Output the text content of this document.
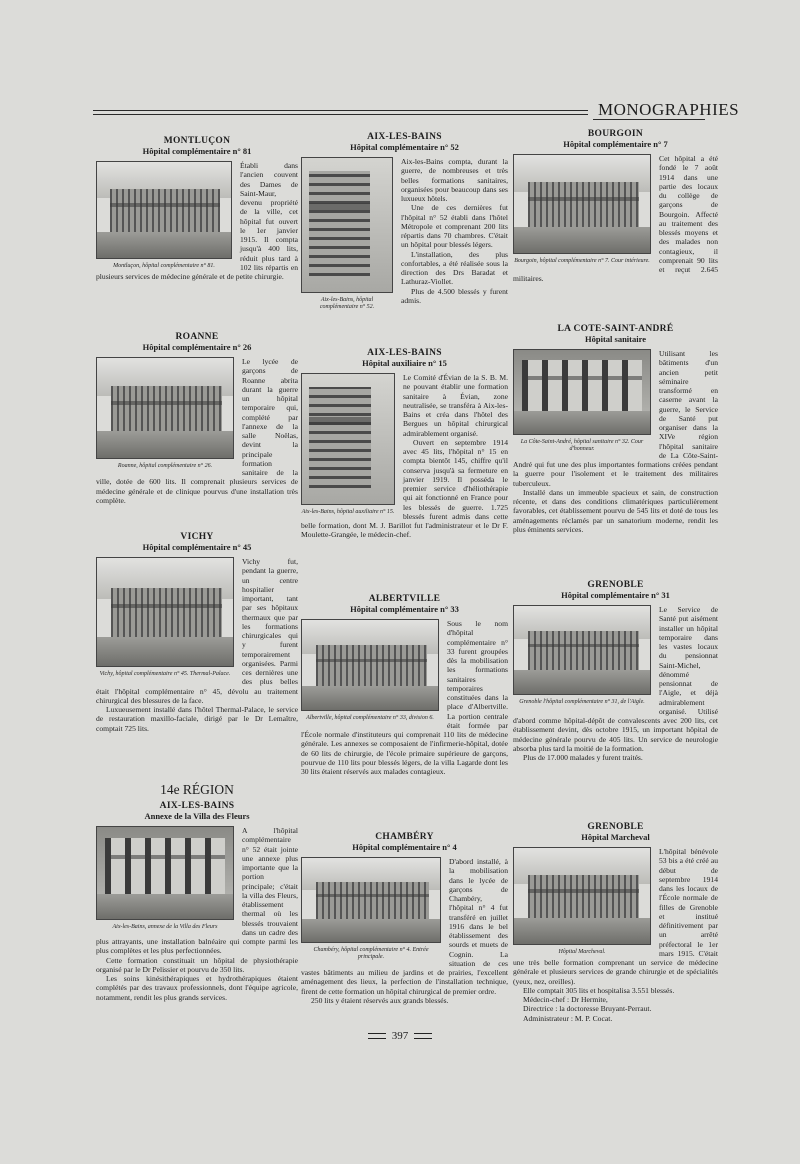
MONOGRAPHIES
MONTLUÇON
Hôpital complémentaire n° 81
Montluçon, hôpital complémentaire n° 81.

Établi dans l'ancien couvent des Dames de Saint-Maur, devenu propriété de la ville, cet hôpital fut ouvert le 1er janvier 1915. Il compta jusqu'à 400 lits, réduit plus tard à 102 lits répartis en plusieurs services de médecine générale et de petite chirurgie.

ROANNE
Hôpital complémentaire n° 26
Roanne, hôpital complémentaire n° 26.

Le lycée de garçons de Roanne abrita durant la guerre un hôpital temporaire qui, complété par l'annexe de la salle Noëlas, devint la principale formation sanitaire de la ville, dotée de 600 lits. Il comprenait plusieurs services de médecine générale et de clinique pourvus d'une installation très complète.

VICHY
Hôpital complémentaire n° 45
Vichy, hôpital complémentaire n° 45. Thermal-Palace.

Vichy fut, pendant la guerre, un centre hospitalier important, tant par ses hôpitaux thermaux que par les formations chirurgicales qui y furent temporairement organisées. Parmi ces dernières une des plus belles était l'hôpital complémentaire n° 45, dévolu au traitement chirurgical des blessures de la face.

Luxueusement installé dans l'hôtel Thermal-Palace, le service de restauration maxillo-faciale, dirigé par le Dr Lemaître, comptait 725 lits.

14e RÉGION
AIX-LES-BAINS
Annexe de la Villa des Fleurs
Aix-les-Bains, annexe de la Villa des Fleurs

A l'hôpital complémentaire n° 52 était jointe une annexe plus importante que la portion principale; c'était la villa des Fleurs, établissement thermal où les blessés trouvaient dans un cadre des plus attrayants, une installation balnéaire qui compte parmi les plus complètes et les plus perfectionnées.

Cette formation constituait un hôpital de physiothérapie organisé par le Dr Pelissier et pourvu de 350 lits.

Les soins kinésithérapiques et hydrothérapiques étaient complétés par des travaux professionnels, dont l'équipe agricole, notamment, rendit les plus grands services.

AIX-LES-BAINS
Hôpital complémentaire n° 52
Aix-les-Bains, hôpital complémentaire n° 52.

Aix-les-Bains compta, durant la guerre, de nombreuses et très belles formations sanitaires, organisées pour beaucoup dans ses luxueux hôtels.

Une de ces dernières fut l'hôpital n° 52 établi dans l'hôtel Métropole et comprenant 200 lits répartis dans 70 chambres. C'était un hôpital pour blessés légers.

L'installation, des plus confortables, a été réalisée sous la direction des Drs Baradat et Lathuraz-Viollet.

Plus de 4.500 blessés y furent admis.

AIX-LES-BAINS
Hôpital auxiliaire n° 15
Aix-les-Bains, hôpital auxiliaire n° 15.

Le Comité d'Évian de la S. B. M. ne pouvant établir une formation sanitaire à Évian, zone neutralisée, se transféra à Aix-les-Bains et créa dans l'hôtel des Bergues un hôpital chirurgical admirablement organisé.

Ouvert en septembre 1914 avec 45 lits, l'hôpital n° 15 en compta bientôt 145, chiffre qu'il conserva jusqu'à sa fermeture en janvier 1919. Il posséda le premier service d'héliothérapie qui ait fonctionné en France pour les blessés de guerre. 1.725 blessés furent admis dans cette belle formation, dont M. J. Barillot fut l'administrateur et le Dr F. Moulette-Grangée, le médecin-chef.

ALBERTVILLE
Hôpital complémentaire n° 33
Albertville, hôpital complémentaire n° 33, division 6.

Sous le nom d'hôpital complémentaire n° 33 furent groupées dès la mobilisation les formations sanitaires temporaires constituées dans la place d'Albertville. La portion centrale était formée par l'École normale d'instituteurs qui comprenait 110 lits de médecine générale. Les annexes se composaient de l'infirmerie-hôpital, dotée de 60 lits de chirurgie, de l'école primaire supérieure de garçons, pourvue de 110 lits pour blessés légers, de la villa Lagarde dont les 30 lits étaient réservés aux malades contagieux.

CHAMBÉRY
Hôpital complémentaire n° 4
Chambéry, hôpital complémentaire n° 4. Entrée principale.

D'abord installé, à la mobilisation dans le lycée de garçons de Chambéry, l'hôpital n° 4 fut transféré en juillet 1916 dans le bel établissement des sourds et muets de Cognin. La situation de ces vastes bâtiments au milieu de jardins et de prairies, l'excellent aménagement des lieux, la perfection de l'installation technique, firent de cette formation un hôpital chirurgical de premier ordre.

250 lits y étaient réservés aux grands blessés.

BOURGOIN
Hôpital complémentaire n° 7
Bourgoin, hôpital complémentaire n° 7. Cour intérieure.

Cet hôpital a été fondé le 7 août 1914 dans une partie des locaux du collège de garçons de Bourgoin. Affecté au traitement des blessés moyens et des malades non contagieux, il comprenait 90 lits et reçut 2.645 militaires.

LA COTE-SAINT-ANDRÉ
Hôpital sanitaire
La Côte-Saint-André, hôpital sanitaire n° 32. Cour d'honneur.

Utilisant les bâtiments d'un ancien petit séminaire transformé en caserne avant la guerre, le Service de Santé put organiser dans la XIVe région l'hôpital sanitaire de La Côte-Saint-André qui fut une des plus importantes formations créées pendant la guerre pour l'isolement et le traitement des militaires tuberculeux.

Installé dans un immeuble spacieux et sain, de construction récente, et dans des conditions climatériques particulièrement favorables, cet établissement pourvu de 545 lits et doté de tous les aménagements réclamés par un sanatorium moderne, rendit les plus éminents services.

GRENOBLE
Hôpital complémentaire n° 31
Grenoble l'hôpital complémentaire n° 31, de l'Aigle.

Le Service de Santé put aisément installer un hôpital temporaire dans les vastes locaux du pensionnat Saint-Michel, dénommé pensionnat de l'Aigle, et déjà admirablement organisé. Utilisé d'abord comme hôpital-dépôt de convalescents avec 200 lits, cet établissement devint, dès octobre 1915, un important hôpital de médecine générale pourvu de 405 lits. Un service de neurologie absorba plus tard la moitié de la formation.

Plus de 17.000 malades y furent traités.

GRENOBLE
Hôpital Marcheval
Hôpital Marcheval.

L'hôpital bénévole 53 bis a été créé au début de septembre 1914 dans les locaux de l'École normale de filles de Grenoble et institué définitivement par un arrêté préfectoral le 1er mars 1915. C'était une très belle formation comprenant un service de médecine générale et plusieurs services de grande chirurgie et de spécialités (yeux, nez, oreilles).

Elle comptait 305 lits et hospitalisa 3.551 blessés.

Médecin-chef : Dr Hermite,

Directrice : la doctoresse Bruyant-Perraut.

Administrateur : M. P. Cocat.

397
